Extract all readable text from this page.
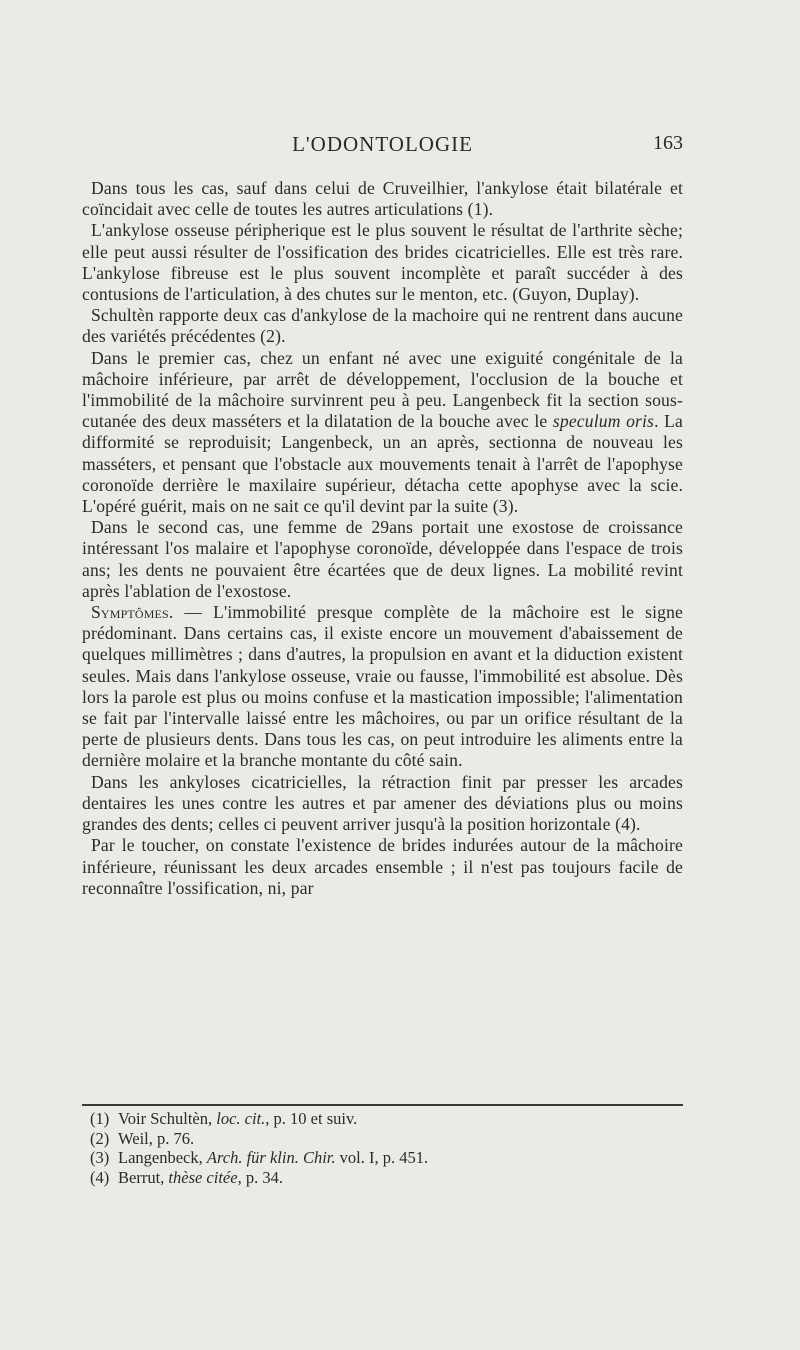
L'ODONTOLOGIE	163

Dans tous les cas, sauf dans celui de Cruveilhier, l'ankylose était bilatérale et coïncidait avec celle de toutes les autres articulations (1).

L'ankylose osseuse péripherique est le plus souvent le résultat de l'arthrite sèche; elle peut aussi résulter de l'ossification des brides cicatricielles. Elle est très rare. L'ankylose fibreuse est le plus souvent incomplète et paraît succéder à des contusions de l'articulation, à des chutes sur le menton, etc. (Guyon, Duplay).

Schultèn rapporte deux cas d'ankylose de la machoire qui ne rentrent dans aucune des variétés précédentes (2).

Dans le premier cas, chez un enfant né avec une exiguité congénitale de la mâchoire inférieure, par arrêt de développement, l'occlusion de la bouche et l'immobilité de la mâchoire survinrent peu à peu. Langenbeck fit la section sous-cutanée des deux masséters et la dilatation de la bouche avec le speculum oris. La difformité se reproduisit; Langenbeck, un an après, sectionna de nouveau les masséters, et pensant que l'obstacle aux mouvements tenait à l'arrêt de l'apophyse coronoïde derrière le maxilaire supérieur, détacha cette apophyse avec la scie. L'opéré guérit, mais on ne sait ce qu'il devint par la suite (3).

Dans le second cas, une femme de 29ans portait une exostose de croissance intéressant l'os malaire et l'apophyse coronoïde, développée dans l'espace de trois ans; les dents ne pouvaient être écartées que de deux lignes. La mobilité revint après l'ablation de l'exostose.

Symptômes. — L'immobilité presque complète de la mâchoire est le signe prédominant. Dans certains cas, il existe encore un mouvement d'abaissement de quelques millimètres ; dans d'autres, la propulsion en avant et la diduction existent seules. Mais dans l'ankylose osseuse, vraie ou fausse, l'immobilité est absolue. Dès lors la parole est plus ou moins confuse et la mastication impossible; l'alimentation se fait par l'intervalle laissé entre les mâchoires, ou par un orifice résultant de la perte de plusieurs dents. Dans tous les cas, on peut introduire les aliments entre la dernière molaire et la branche montante du côté sain.

Dans les ankyloses cicatricielles, la rétraction finit par presser les arcades dentaires les unes contre les autres et par amener des déviations plus ou moins grandes des dents; celles ci peuvent arriver jusqu'à la position horizontale (4).

Par le toucher, on constate l'existence de brides indurées autour de la mâchoire inférieure, réunissant les deux arcades ensemble ; il n'est pas toujours facile de reconnaître l'ossification, ni, par

(1) Voir Schultèn, loc. cit., p. 10 et suiv.
(2) Weil, p. 76.
(3) Langenbeck, Arch. für klin. Chir. vol. I, p. 451.
(4) Berrut, thèse citée, p. 34.
